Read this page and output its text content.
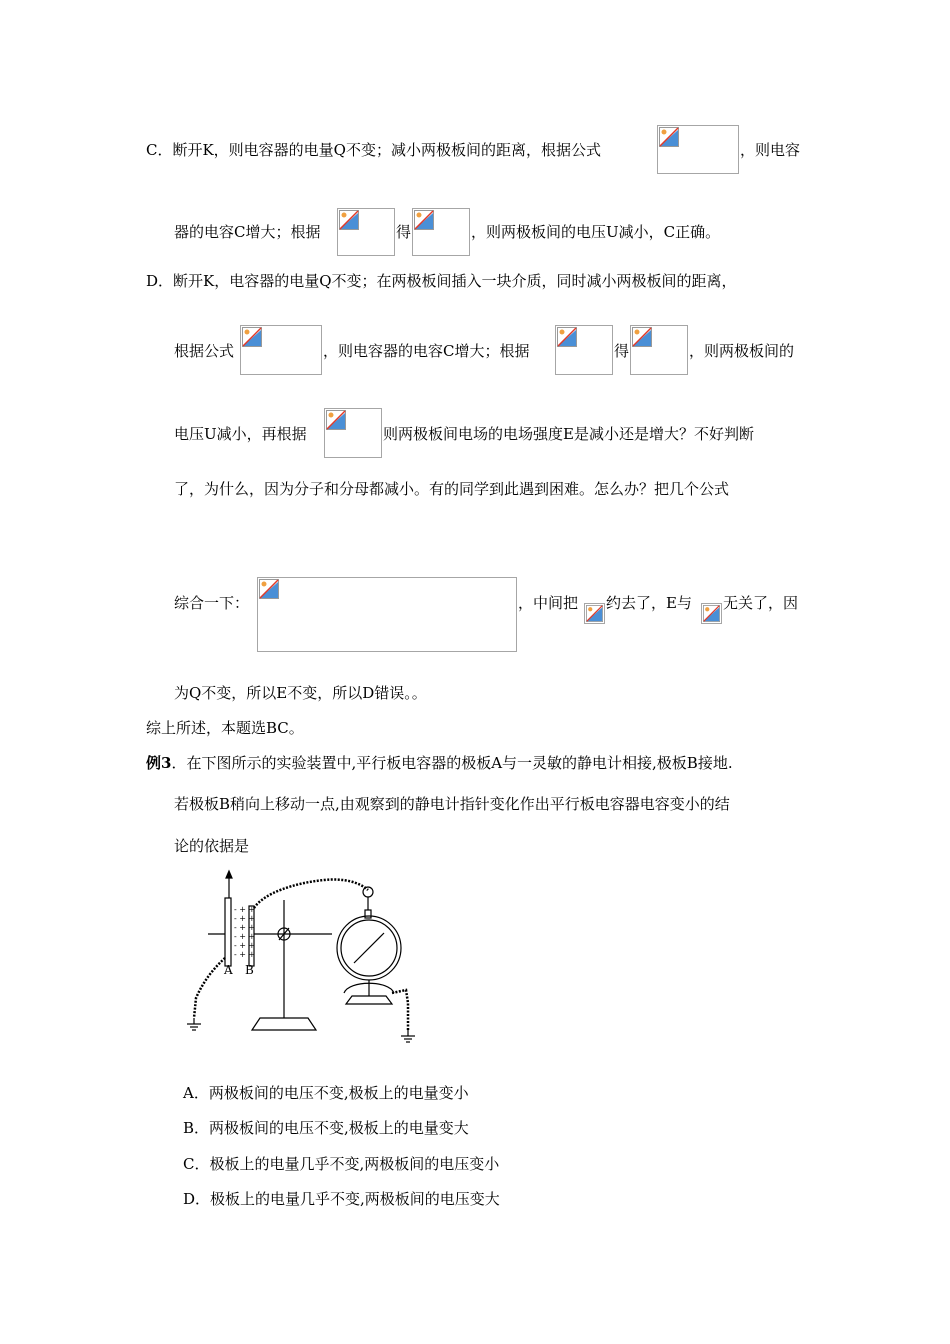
C．断开K，则电容器的电量Q不变；减小两极板间的距离，根据公式	，则电容
器的电容C增大；根据	得	，则两极板间的电压U减小，C正确。
D．断开K，电容器的电量Q不变；在两极板间插入一块介质，同时减小两极板间的距离，
根据公式	，则电容器的电容C增大；根据	得	，则两极板间的
电压U减小，再根据	则两极板间电场的电场强度E是减小还是增大？不好判断
了，为什么，因为分子和分母都减小。有的同学到此遇到困难。怎么办？把几个公式
综合一下：	，中间把 约去了，E与 无关了，因
为Q不变，所以E不变，所以D错误。。
综上所述，本题选BC。
例3．在下图所示的实验装置中,平行板电容器的极板A与一灵敏的静电计相接,极板B接地.
若极板B稍向上移动一点,由观察到的静电计指针变化作出平行板电容器电容变小的结
论的依据是
- + +
- + +
- + +
- + +
- + +
- + +
A B
A．两极板间的电压不变,极板上的电量变小
B．两极板间的电压不变,极板上的电量变大
C．极板上的电量几乎不变,两极板间的电压变小
D．极板上的电量几乎不变,两极板间的电压变大
